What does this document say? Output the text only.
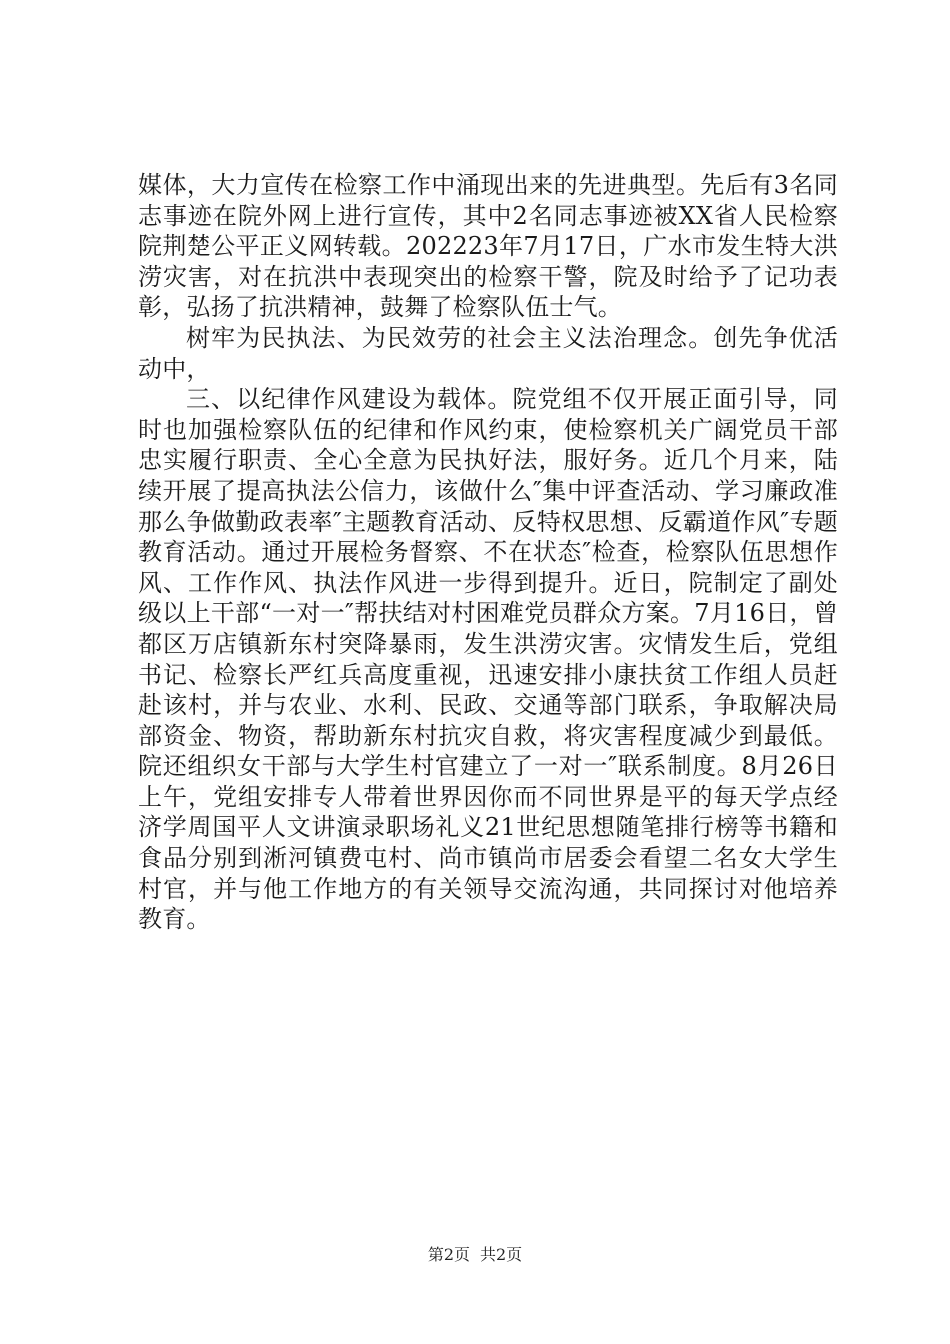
媒体，大力宣传在检察工作中涌现出来的先进典型。先后有3名同志事迹在院外网上进行宣传，其中2名同志事迹被XX省人民检察院荆楚公平正义网转载。202223年7月17日，广水市发生特大洪涝灾害，对在抗洪中表现突出的检察干警，院及时给予了记功表彰，弘扬了抗洪精神，鼓舞了检察队伍士气。

树牢为民执法、为民效劳的社会主义法治理念。创先争优活动中，

三、以纪律作风建设为载体。院党组不仅开展正面引导，同时也加强检察队伍的纪律和作风约束，使检察机关广阔党员干部忠实履行职责、全心全意为民执好法，服好务。近几个月来，陆续开展了提高执法公信力，该做什么″集中评查活动、学习廉政准那么争做勤政表率″主题教育活动、反特权思想、反霸道作风″专题教育活动。通过开展检务督察、不在状态″检查，检察队伍思想作风、工作作风、执法作风进一步得到提升。近日，院制定了副处级以上干部“一对一″帮扶结对村困难党员群众方案。7月16日，曾都区万店镇新东村突降暴雨，发生洪涝灾害。灾情发生后，党组书记、检察长严红兵高度重视，迅速安排小康扶贫工作组人员赶赴该村，并与农业、水利、民政、交通等部门联系，争取解决局部资金、物资，帮助新东村抗灾自救，将灾害程度减少到最低。院还组织女干部与大学生村官建立了一对一″联系制度。8月26日上午，党组安排专人带着世界因你而不同世界是平的每天学点经济学周国平人文讲演录职场礼义21世纪思想随笔排行榜等书籍和食品分别到淅河镇费屯村、尚市镇尚市居委会看望二名女大学生村官，并与他工作地方的有关领导交流沟通，共同探讨对他培养教育。

第2页 共2页
